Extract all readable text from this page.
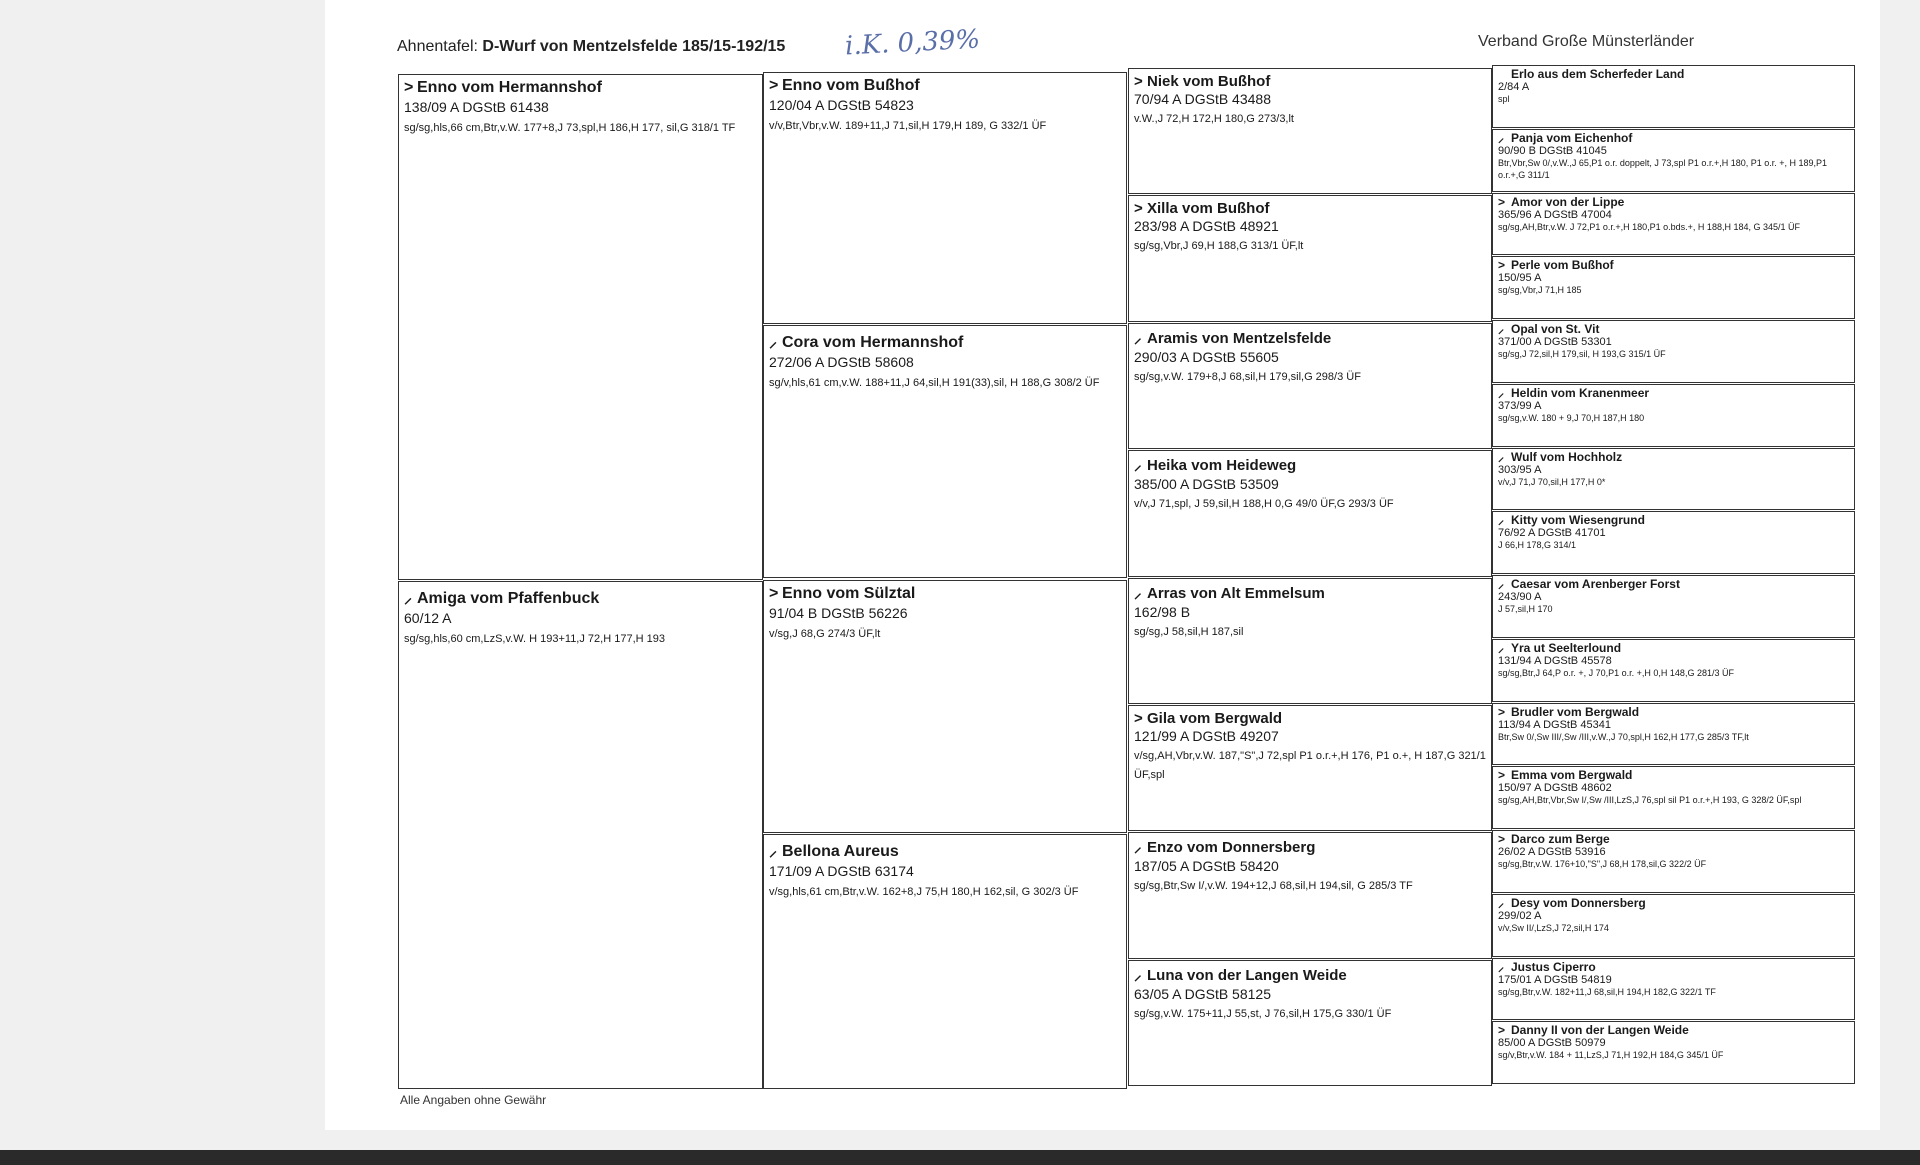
Ahnentafel: D-Wurf von Mentzelsfelde 185/15-192/15 i.K. 0,39%	Verband Große Münsterländer
> Enno vom Hermannshof
138/09 A DGStB 61438
sg/sg,hls,66 cm,Btr,v.W. 177+8,J 73,spl,H 186,H 177, sil,G 318/1 TF
⸝ Amiga vom Pfaffenbuck
60/12 A
sg/sg,hls,60 cm,LzS,v.W. H 193+11,J 72,H 177,H 193
> Enno vom Bußhof
120/04 A DGStB 54823
v/v,Btr,Vbr,v.W. 189+11,J 71,sil,H 179,H 189, G 332/1 ÜF
⸝ Cora vom Hermannshof
272/06 A DGStB 58608
sg/v,hls,61 cm,v.W. 188+11,J 64,sil,H 191(33),sil, H 188,G 308/2 ÜF
> Enno vom Sülztal
91/04 B DGStB 56226
v/sg,J 68,G 274/3 ÜF,lt
⸝ Bellona Aureus
171/09 A DGStB 63174
v/sg,hls,61 cm,Btr,v.W. 162+8,J 75,H 180,H 162,sil, G 302/3 ÜF
> Niek vom Bußhof
70/94 A DGStB 43488
v.W.,J 72,H 172,H 180,G 273/3,lt
> Xilla vom Bußhof
283/98 A DGStB 48921
sg/sg,Vbr,J 69,H 188,G 313/1 ÜF,lt
⸝ Aramis von Mentzelsfelde
290/03 A DGStB 55605
sg/sg,v.W. 179+8,J 68,sil,H 179,sil,G 298/3 ÜF
⸝ Heika vom Heideweg
385/00 A DGStB 53509
v/v,J 71,spl, J 59,sil,H 188,H 0,G 49/0 ÜF,G 293/3 ÜF
⸝ Arras von Alt Emmelsum
162/98 B
sg/sg,J 58,sil,H 187,sil
> Gila vom Bergwald
121/99 A DGStB 49207
v/sg,AH,Vbr,v.W. 187,"S",J 72,spl P1 o.r.+,H 176, P1 o.+, H 187,G 321/1 ÜF,spl
⸝ Enzo vom Donnersberg
187/05 A DGStB 58420
sg/sg,Btr,Sw I/,v.W. 194+12,J 68,sil,H 194,sil, G 285/3 TF
⸝ Luna von der Langen Weide
63/05 A DGStB 58125
sg/sg,v.W. 175+11,J 55,st, J 76,sil,H 175,G 330/1 ÜF
Erlo aus dem Scherfeder Land
2/84 A
spl
⸝ Panja vom Eichenhof
90/90 B DGStB 41045
Btr,Vbr,Sw 0/,v.W.,J 65,P1 o.r. doppelt, J 73,spl P1 o.r.+,H 180, P1 o.r. +, H 189,P1 o.r.+,G 311/1
> Amor von der Lippe
365/96 A DGStB 47004
sg/sg,AH,Btr,v.W. J 72,P1 o.r.+,H 180,P1 o.bds.+, H 188,H 184, G 345/1 ÜF
> Perle vom Bußhof
150/95 A
sg/sg,Vbr,J 71,H 185
⸝ Opal von St. Vit
371/00 A DGStB 53301
sg/sg,J 72,sil,H 179,sil, H 193,G 315/1 ÜF
⸝ Heldin vom Kranenmeer
373/99 A
sg/sg,v.W. 180 + 9,J 70,H 187,H 180
⸝ Wulf vom Hochholz
303/95 A
v/v,J 71,J 70,sil,H 177,H 0*
⸝ Kitty vom Wiesengrund
76/92 A DGStB 41701
J 66,H 178,G 314/1
⸝ Caesar vom Arenberger Forst
243/90 A
J 57,sil,H 170
⸝ Yra ut Seelterlound
131/94 A DGStB 45578
sg/sg,Btr,J 64,P o.r. +, J 70,P1 o.r. +,H 0,H 148,G 281/3 ÜF
> Brudler vom Bergwald
113/94 A DGStB 45341
Btr,Sw 0/,Sw III/,Sw /III,v.W.,J 70,spl,H 162,H 177,G 285/3 TF,lt
> Emma vom Bergwald
150/97 A DGStB 48602
sg/sg,AH,Btr,Vbr,Sw I/,Sw /III,LzS,J 76,spl sil P1 o.r.+,H 193, G 328/2 ÜF,spl
> Darco zum Berge
26/02 A DGStB 53916
sg/sg,Btr,v.W. 176+10,"S",J 68,H 178,sil,G 322/2 ÜF
⸝ Desy vom Donnersberg
299/02 A
v/v,Sw II/,LzS,J 72,sil,H 174
⸝ Justus Ciperro
175/01 A DGStB 54819
sg/sg,Btr,v.W. 182+11,J 68,sil,H 194,H 182,G 322/1 TF
> Danny II von der Langen Weide
85/00 A DGStB 50979
sg/v,Btr,v.W. 184 + 11,LzS,J 71,H 192,H 184,G 345/1 ÜF
Alle Angaben ohne Gewähr
